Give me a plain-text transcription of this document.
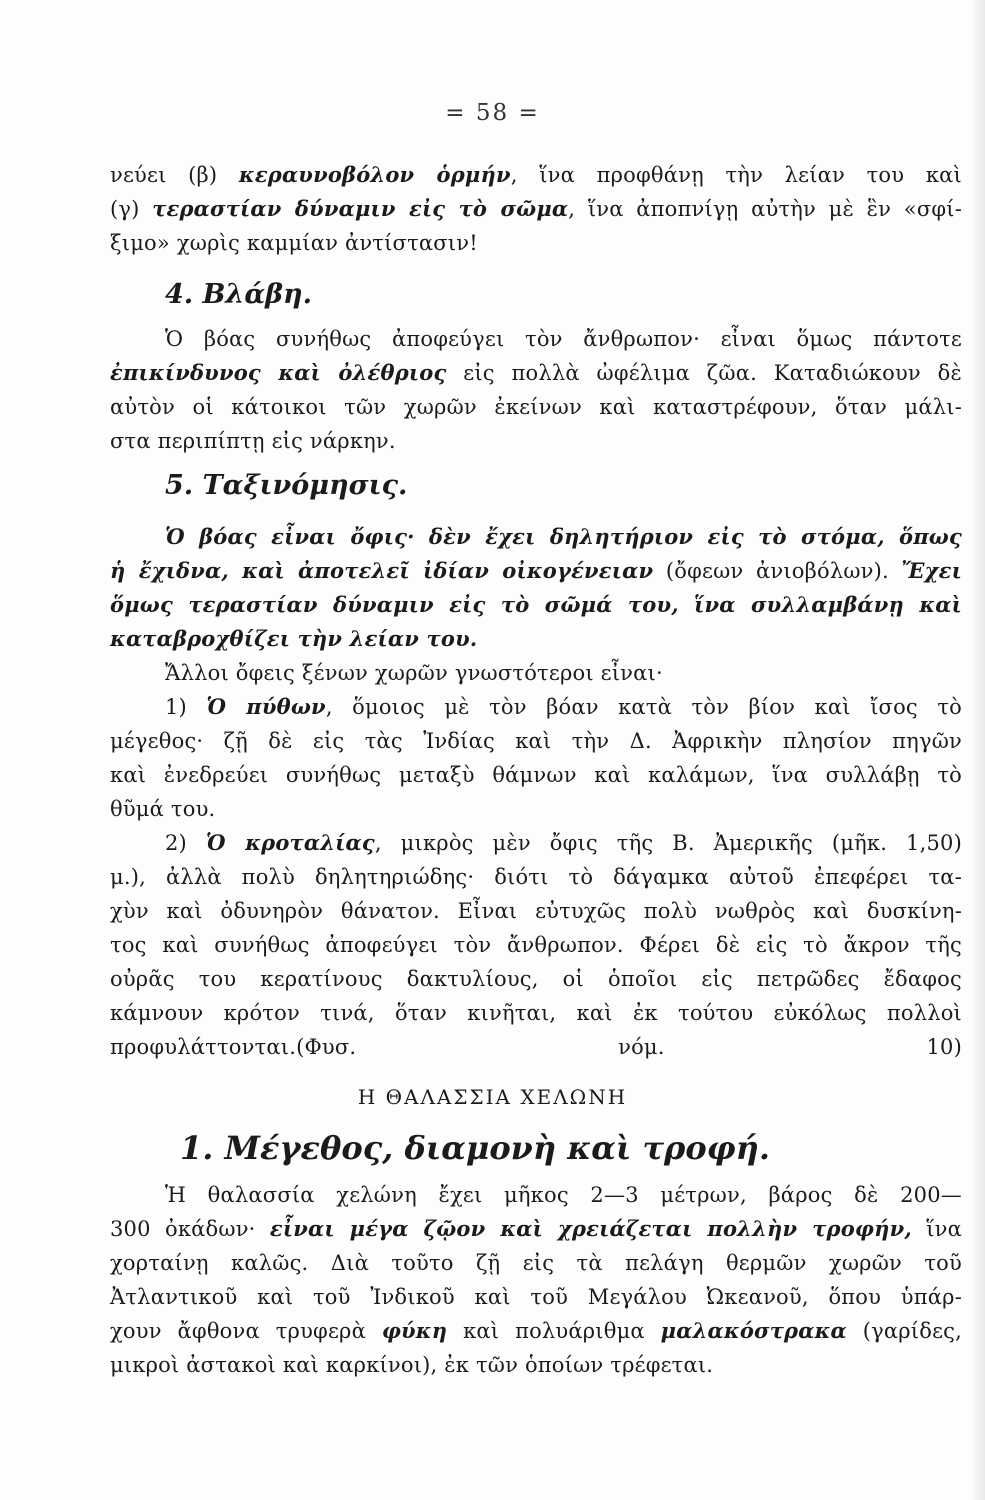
= 58 =
νεύει (β) κεραυνοβόλον ὁρμήν, ἵνα προφθάνῃ τὴν λείαν του καὶ
(γ) τεραστίαν δύναμιν εἰς τὸ σῶμα, ἵνα ἀποπνίγῃ αὐτὴν μὲ ἓν «σφί-
ξιμο» χωρὶς καμμίαν ἀντίστασιν!
4. Βλάβη.
Ὁ βόας συνήθως ἀποφεύγει τὸν ἄνθρωπον· εἶναι ὅμως πάντοτε
ἐπικίνδυνος καὶ ὀλέθριος εἰς πολλὰ ὠφέλιμα ζῶα. Καταδιώκουν δὲ
αὐτὸν οἱ κάτοικοι τῶν χωρῶν ἐκείνων καὶ καταστρέφουν, ὅταν μάλι-
στα περιπίπτῃ εἰς νάρκην.
5. Ταξινόμησις.
Ὁ βόας εἶναι ὄφις· δὲν ἔχει δηλητήριον εἰς τὸ στόμα, ὅπως
ἡ ἔχιδνα, καὶ ἀποτελεῖ ἰδίαν οἰκογένειαν (ὄφεων ἀνιοβόλων). Ἔχει
ὅμως τεραστίαν δύναμιν εἰς τὸ σῶμά του, ἵνα συλλαμβάνῃ καὶ
καταβροχθίζει τὴν λείαν του.
Ἄλλοι ὄφεις ξένων χωρῶν γνωστότεροι εἶναι·
1) Ὁ πύθων, ὅμοιος μὲ τὸν βόαν κατὰ τὸν βίον καὶ ἴσος τὸ
μέγεθος· ζῇ δὲ εἰς τὰς Ἰνδίας καὶ τὴν Δ. Ἀφρικὴν πλησίον πηγῶν
καὶ ἐνεδρεύει συνήθως μεταξὺ θάμνων καὶ καλάμων, ἵνα συλλάβῃ τὸ
θῦμά του.
2) Ὁ κροταλίας, μικρὸς μὲν ὄφις τῆς Β. Ἀμερικῆς (μῆκ. 1,50)
μ.), ἀλλὰ πολὺ δηλητηριώδης· διότι τὸ δάγαμκα αὐτοῦ ἐπεφέρει τα-
χὺν καὶ ὀδυνηρὸν θάνατον. Εἶναι εὐτυχῶς πολὺ νωθρὸς καὶ δυσκίνη-
τος καὶ συνήθως ἀποφεύγει τὸν ἄνθρωπον. Φέρει δὲ εἰς τὸ ἄκρον τῆς
οὐρᾶς του κερατίνους δακτυλίους, οἱ ὁποῖοι εἰς πετρῶδες ἔδαφος
κάμνουν κρότον τινά, ὅταν κινῆται, καὶ ἐκ τούτου εὐκόλως πολλοὶ
προφυλάττονται.(Φυσ. νόμ. 10)
Η ΘΑΛΑΣΣΙΑ ΧΕΛΩΝΗ
1. Μέγεθος, διαμονὴ καὶ τροφή.
Ἡ θαλασσία χελώνη ἔχει μῆκος 2—3 μέτρων, βάρος δὲ 200—
300 ὀκάδων· εἶναι μέγα ζῷον καὶ χρειάζεται πολλὴν τροφήν, ἵνα
χορταίνῃ καλῶς. Διὰ τοῦτο ζῇ εἰς τὰ πελάγη θερμῶν χωρῶν τοῦ
Ἀτλαντικοῦ καὶ τοῦ Ἰνδικοῦ καὶ τοῦ Μεγάλου Ὠκεανοῦ, ὅπου ὑπάρ-
χουν ἄφθονα τρυφερὰ φύκη καὶ πολυάριθμα μαλακόστρακα (γαρίδες,
μικροὶ ἀστακοὶ καὶ καρκίνοι), ἐκ τῶν ὁποίων τρέφεται.
